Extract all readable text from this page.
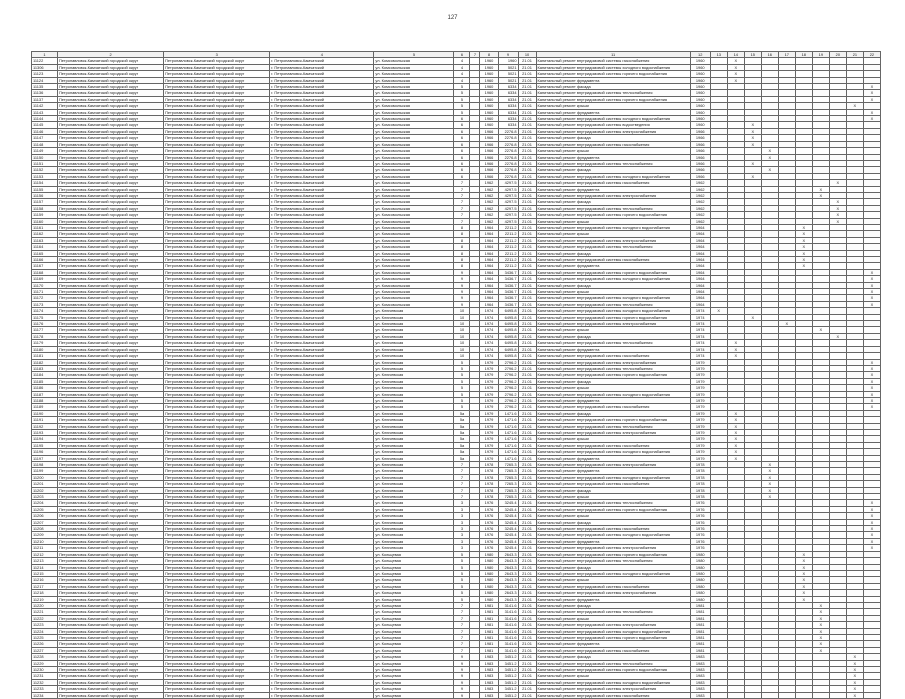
127
1	2	3	4	5	6	7	8	9	10	11	12	13	14	15	16	17	18	19	20	21	22
11122	Петропавловск-Камчатский городской округ	Петропавловск-Камчатский городской округ	г. Петропавловск-Камчатский	ул. Комсомольская	4		1960	1960	21.01	Капитальный ремонт внутридомовой системы газоснабжения	1960		Х								
11306	Петропавловск-Камчатский городской округ	Петропавловск-Камчатский городской округ	г. Петропавловск-Камчатский	ул. Комсомольская	4		1960	5021	21.01	Капитальный ремонт внутридомовой системы холодного водоснабжения	1960		Х								
11123	Петропавловск-Камчатский городской округ	Петропавловск-Камчатский городской округ	г. Петропавловск-Камчатский	ул. Комсомольская	4		1960	5021	21.01	Капитальный ремонт внутридомовой системы горячего водоснабжения	1960		Х								
11124	Петропавловск-Камчатский городской округ	Петропавловск-Камчатский городской округ	г. Петропавловск-Камчатский	ул. Комсомольская	4		1960	5021	21.01	Капитальный ремонт фундамента	1960		Х								
11135	Петропавловск-Камчатский городской округ	Петропавловск-Камчатский городской округ	г. Петропавловск-Камчатский	ул. Комсомольская	5		1960	6334	21.01	Капитальный ремонт фасада	1960										Х
11136	Петропавловск-Камчатский городской округ	Петропавловск-Камчатский городской округ	г. Петропавловск-Камчатский	ул. Комсомольская	5		1960	6334	21.01	Капитальный ремонт внутридомовой системы теплоснабжения	1960										Х
11137	Петропавловск-Камчатский городской округ	Петропавловск-Камчатский городской округ	г. Петропавловск-Камчатский	ул. Комсомольская	5		1960	6334	21.01	Капитальный ремонт внутридомовой системы горячего водоснабжения	1960										Х
11142	Петропавловск-Камчатский городской округ	Петропавловск-Камчатский городской округ	г. Петропавловск-Камчатский	ул. Комсомольская	5		1960	6334	21.01	Капитальный ремонт крыши	1960									Х	
11143	Петропавловск-Камчатский городской округ	Петропавловск-Камчатский городской округ	г. Петропавловск-Камчатский	ул. Комсомольская	5		1960	6334	21.01	Капитальный ремонт фундамента	1960										Х
11144	Петропавловск-Камчатский городской округ	Петропавловск-Камчатский городской округ	г. Петропавловск-Камчатский	ул. Комсомольская	6		1960	6334	21.01	Капитальный ремонт внутридомовой системы холодного водоснабжения	1960										Х
11145	Петропавловск-Камчатский городской округ	Петропавловск-Камчатский городской округ	г. Петропавловск-Камчатский	ул. Комсомольская	6		1960	6334	21.01	Капитальный ремонт внутридомовой системы водоотведения	1960			Х							
11146	Петропавловск-Камчатский городской округ	Петропавловск-Камчатский городской округ	г. Петропавловск-Камчатский	ул. Комсомольская	6		1966	2276.8	21.01	Капитальный ремонт внутридомовой системы электроснабжения	1966			Х							
11147	Петропавловск-Камчатский городской округ	Петропавловск-Камчатский городской округ	г. Петропавловск-Камчатский	ул. Комсомольская	6		1966	2276.8	21.01	Капитальный ремонт фасада	1966			Х							
11148	Петропавловск-Камчатский городской округ	Петропавловск-Камчатский городской округ	г. Петропавловск-Камчатский	ул. Комсомольская	6		1966	2276.8	21.01	Капитальный ремонт внутридомовой системы газоснабжения	1966			Х							
11149	Петропавловск-Камчатский городской округ	Петропавловск-Камчатский городской округ	г. Петропавловск-Камчатский	ул. Комсомольская	6		1966	2276.8	21.01	Капитальный ремонт крыши	1966				Х						
11150	Петропавловск-Камчатский городской округ	Петропавловск-Камчатский городской округ	г. Петропавловск-Камчатский	ул. Комсомольская	6		1966	2276.8	21.01	Капитальный ремонт фундамента	1966				Х						
11151	Петропавловск-Камчатский городской округ	Петропавловск-Камчатский городской округ	г. Петропавловск-Камчатский	ул. Комсомольская	6		1966	2276.8	21.01	Капитальный ремонт внутридомовой системы теплоснабжения	1966			Х							
11152	Петропавловск-Камчатский городской округ	Петропавловск-Камчатский городской округ	г. Петропавловск-Камчатский	ул. Комсомольская	6		1966	2276.8	21.01	Капитальный ремонт фасада	1966				Х						
11153	Петропавловск-Камчатский городской округ	Петропавловск-Камчатский городской округ	г. Петропавловск-Камчатский	ул. Комсомольская	6		1966	2276.8	21.01	Капитальный ремонт внутридомовой системы холодного водоснабжения	1966			Х							
11154	Петропавловск-Камчатский городской округ	Петропавловск-Камчатский городской округ	г. Петропавловск-Камчатский	ул. Комсомольская	7		1962	4297.5	21.01	Капитальный ремонт внутридомовой системы газоснабжения	1962								Х		
11155	Петропавловск-Камчатский городской округ	Петропавловск-Камчатский городской округ	г. Петропавловск-Камчатский	ул. Комсомольская	7		1962	4297.5	21.01	Капитальный ремонт фундамента	1962							Х			
11156	Петропавловск-Камчатский городской округ	Петропавловск-Камчатский городской округ	г. Петропавловск-Камчатский	ул. Комсомольская	7		1962	4297.5	21.01	Капитальный ремонт внутридомовой системы электроснабжения	1962							Х			
11157	Петропавловск-Камчатский городской округ	Петропавловск-Камчатский городской округ	г. Петропавловск-Камчатский	ул. Комсомольская	7		1962	4297.5	21.01	Капитальный ремонт фасада	1962								Х		
11158	Петропавловск-Камчатский городской округ	Петропавловск-Камчатский городской округ	г. Петропавловск-Камчатский	ул. Комсомольская	7		1962	4297.5	21.01	Капитальный ремонт внутридомовой системы теплоснабжения	1962								Х		
11159	Петропавловск-Камчатский городской округ	Петропавловск-Камчатский городской округ	г. Петропавловск-Камчатский	ул. Комсомольская	7		1962	4297.5	21.01	Капитальный ремонт внутридомовой системы горячего водоснабжения	1962								Х		
11160	Петропавловск-Камчатский городской округ	Петропавловск-Камчатский городской округ	г. Петропавловск-Камчатский	ул. Комсомольская	7		1962	4297.5	21.01	Капитальный ремонт крыши	1962								Х		
11161	Петропавловск-Камчатский городской округ	Петропавловск-Камчатский городской округ	г. Петропавловск-Камчатский	ул. Комсомольская	8		1964	2211.2	21.01	Капитальный ремонт внутридомовой системы холодного водоснабжения	1964						Х				
11162	Петропавловск-Камчатский городской округ	Петропавловск-Камчатский городской округ	г. Петропавловск-Камчатский	ул. Комсомольская	8		1964	2211.2	21.01	Капитальный ремонт крыши	1964						Х				
11163	Петропавловск-Камчатский городской округ	Петропавловск-Камчатский городской округ	г. Петропавловск-Камчатский	ул. Комсомольская	8		1964	2211.2	21.01	Капитальный ремонт внутридомовой системы электроснабжения	1964						Х				
11164	Петропавловск-Камчатский городской округ	Петропавловск-Камчатский городской округ	г. Петропавловск-Камчатский	ул. Комсомольская	8		1964	2211.2	21.01	Капитальный ремонт внутридомовой системы теплоснабжения	1964						Х				
11165	Петропавловск-Камчатский городской округ	Петропавловск-Камчатский городской округ	г. Петропавловск-Камчатский	ул. Комсомольская	8		1964	2211.2	21.01	Капитальный ремонт фасада	1964						Х				
11166	Петропавловск-Камчатский городской округ	Петропавловск-Камчатский городской округ	г. Петропавловск-Камчатский	ул. Комсомольская	8		1964	2211.2	21.01	Капитальный ремонт внутридомовой системы газоснабжения	1964						Х				
11167	Петропавловск-Камчатский городской округ	Петропавловск-Камчатский городской округ	г. Петропавловск-Камчатский	ул. Комсомольская	8		1964	2211.2	21.01	Капитальный ремонт фундамента	1964						Х				
11168	Петропавловск-Камчатский городской округ	Петропавловск-Камчатский городской округ	г. Петропавловск-Камчатский	ул. Комсомольская	9		1964	3436.7	21.01	Капитальный ремонт внутридомовой системы горячего водоснабжения	1964										Х
11169	Петропавловск-Камчатский городской округ	Петропавловск-Камчатский городской округ	г. Петропавловск-Камчатский	ул. Комсомольская	9		1964	3436.7	21.01	Капитальный ремонт внутридомовой системы холодного водоснабжения	1964										Х
11170	Петропавловск-Камчатский городской округ	Петропавловск-Камчатский городской округ	г. Петропавловск-Камчатский	ул. Комсомольская	9		1964	3436.7	21.01	Капитальный ремонт фасада	1964										Х
11171	Петропавловск-Камчатский городской округ	Петропавловск-Камчатский городской округ	г. Петропавловск-Камчатский	ул. Комсомольская	9		1964	3436.7	21.01	Капитальный ремонт крыши	1964										Х
11172	Петропавловск-Камчатский городской округ	Петропавловск-Камчатский городской округ	г. Петропавловск-Камчатский	ул. Комсомольская	9		1964	3436.7	21.01	Капитальный ремонт внутридомовой системы холодного водоснабжения	1964										Х
11173	Петропавловск-Камчатский городской округ	Петропавловск-Камчатский городской округ	г. Петропавловск-Камчатский	ул. Комсомольская	9		1964	3436.7	21.01	Капитальный ремонт внутридомовой системы теплоснабжения	1964										Х
11174	Петропавловск-Камчатский городской округ	Петропавловск-Камчатский городской округ	г. Петропавловск-Камчатский	ул. Ключевская	10		1974	6495.8	21.01	Капитальный ремонт внутридомовой системы холодного водоснабжения	1974	Х									
11175	Петропавловск-Камчатский городской округ	Петропавловск-Камчатский городской округ	г. Петропавловск-Камчатский	ул. Ключевская	10		1974	6495.8	21.01	Капитальный ремонт внутридомовой системы горячего водоснабжения	1974			Х							
11176	Петропавловск-Камчатский городской округ	Петропавловск-Камчатский городской округ	г. Петропавловск-Камчатский	ул. Ключевская	10		1974	6495.8	21.01	Капитальный ремонт внутридомовой системы электроснабжения	1974					Х					
11177	Петропавловск-Камчатский городской округ	Петропавловск-Камчатский городской округ	г. Петропавловск-Камчатский	ул. Ключевская	10		1974	6495.8	21.01	Капитальный ремонт крыши	1974							Х			
11178	Петропавловск-Камчатский городской округ	Петропавловск-Камчатский городской округ	г. Петропавловск-Камчатский	ул. Ключевская	10		1974	6495.8	21.01	Капитальный ремонт фасада	1974								Х		
11179	Петропавловск-Камчатский городской округ	Петропавловск-Камчатский городской округ	г. Петропавловск-Камчатский	ул. Ключевская	10		1974	6495.8	21.01	Капитальный ремонт внутридомовой системы теплоснабжения	1974		Х								
11180	Петропавловск-Камчатский городской округ	Петропавловск-Камчатский городской округ	г. Петропавловск-Камчатский	ул. Ключевская	10		1974	6495.8	21.01	Капитальный ремонт фундамента	1974		Х								
11181	Петропавловск-Камчатский городской округ	Петропавловск-Камчатский городской округ	г. Петропавловск-Камчатский	ул. Ключевская	10		1974	6495.8	21.01	Капитальный ремонт внутридомовой системы газоснабжения	1974		Х								
11182	Петропавловск-Камчатский городской округ	Петропавловск-Камчатский городской округ	г. Петропавловск-Камчатский	ул. Ключевская	5		1979	2796.2	21.01	Капитальный ремонт внутридомовой системы электроснабжения	1979										Х
11183	Петропавловск-Камчатский городской округ	Петропавловск-Камчатский городской округ	г. Петропавловск-Камчатский	ул. Ключевская	5		1979	2796.2	21.01	Капитальный ремонт внутридомовой системы теплоснабжения	1979										Х
11184	Петропавловск-Камчатский городской округ	Петропавловск-Камчатский городской округ	г. Петропавловск-Камчатский	ул. Ключевская	5		1979	2796.2	21.01	Капитальный ремонт внутридомовой системы горячего водоснабжения	1979										Х
11185	Петропавловск-Камчатский городской округ	Петропавловск-Камчатский городской округ	г. Петропавловск-Камчатский	ул. Ключевская	5		1979	2796.2	21.01	Капитальный ремонт фасада	1979										Х
11186	Петропавловск-Камчатский городской округ	Петропавловск-Камчатский городской округ	г. Петропавловск-Камчатский	ул. Ключевская	5		1979	2796.2	21.01	Капитальный ремонт крыши	1979										Х
11187	Петропавловск-Камчатский городской округ	Петропавловск-Камчатский городской округ	г. Петропавловск-Камчатский	ул. Ключевская	5		1979	2796.2	21.01	Капитальный ремонт внутридомовой системы холодного водоснабжения	1979										Х
11188	Петропавловск-Камчатский городской округ	Петропавловск-Камчатский городской округ	г. Петропавловск-Камчатский	ул. Ключевская	5		1979	2796.2	21.01	Капитальный ремонт фундамента	1979										Х
11189	Петропавловск-Камчатский городской округ	Петропавловск-Камчатский городской округ	г. Петропавловск-Камчатский	ул. Ключевская	5		1979	2796.2	21.01	Капитальный ремонт внутридомовой системы газоснабжения	1979										Х
11190	Петропавловск-Камчатский городской округ	Петропавловск-Камчатский городской округ	г. Петропавловск-Камчатский	ул. Ключевская	5а		1979	1471.6	21.01	Капитальный ремонт фасада	1979		Х								
11191	Петропавловск-Камчатский городской округ	Петропавловск-Камчатский городской округ	г. Петропавловск-Камчатский	ул. Ключевская	5а		1979	1471.6	21.01	Капитальный ремонт внутридомовой системы горячего водоснабжения	1979		Х								
11192	Петропавловск-Камчатский городской округ	Петропавловск-Камчатский городской округ	г. Петропавловск-Камчатский	ул. Ключевская	5а		1979	1471.6	21.01	Капитальный ремонт внутридомовой системы теплоснабжения	1979		Х								
11193	Петропавловск-Камчатский городской округ	Петропавловск-Камчатский городской округ	г. Петропавловск-Камчатский	ул. Ключевская	5а		1979	1471.6	21.01	Капитальный ремонт внутридомовой системы электроснабжения	1979		Х								
11194	Петропавловск-Камчатский городской округ	Петропавловск-Камчатский городской округ	г. Петропавловск-Камчатский	ул. Ключевская	5а		1979	1471.6	21.01	Капитальный ремонт крыши	1979		Х								
11195	Петропавловск-Камчатский городской округ	Петропавловск-Камчатский городской округ	г. Петропавловск-Камчатский	ул. Ключевская	5а		1979	1471.6	21.01	Капитальный ремонт внутридомовой системы газоснабжения	1979		Х								
11196	Петропавловск-Камчатский городской округ	Петропавловск-Камчатский городской округ	г. Петропавловск-Камчатский	ул. Ключевская	5а		1979	1471.6	21.01	Капитальный ремонт внутридомовой системы холодного водоснабжения	1979		Х								
11197	Петропавловск-Камчатский городской округ	Петропавловск-Камчатский городской округ	г. Петропавловск-Камчатский	ул. Ключевская	5а		1979	1471.6	21.01	Капитальный ремонт фундамента	1979		Х								
11198	Петропавловск-Камчатский городской округ	Петропавловск-Камчатский городской округ	г. Петропавловск-Камчатский	ул. Ключевская	7		1978	7265.3	21.01	Капитальный ремонт внутридомовой системы электроснабжения	1978				Х						
11199	Петропавловск-Камчатский городской округ	Петропавловск-Камчатский городской округ	г. Петропавловск-Камчатский	ул. Ключевская	7		1978	7265.3	21.01	Капитальный ремонт фундамента	1978				Х						
11200	Петропавловск-Камчатский городской округ	Петропавловск-Камчатский городской округ	г. Петропавловск-Камчатский	ул. Ключевская	7		1978	7265.3	21.01	Капитальный ремонт внутридомовой системы холодного водоснабжения	1978				Х						
11201	Петропавловск-Камчатский городской округ	Петропавловск-Камчатский городской округ	г. Петропавловск-Камчатский	ул. Ключевская	7		1978	7265.3	21.01	Капитальный ремонт внутридомовой системы газоснабжения	1978				Х						
11202	Петропавловск-Камчатский городской округ	Петропавловск-Камчатский городской округ	г. Петропавловск-Камчатский	ул. Ключевская	7		1978	7265.3	21.01	Капитальный ремонт фасада	1978				Х						
11203	Петропавловск-Камчатский городской округ	Петропавловск-Камчатский городской округ	г. Петропавловск-Камчатский	ул. Ключевская	7		1978	7265.3	21.01	Капитальный ремонт крыши	1978				Х						
11204	Петропавловск-Камчатский городской округ	Петропавловск-Камчатский городской округ	г. Петропавловск-Камчатский	ул. Ключевская	3		1976	3245.4	21.01	Капитальный ремонт внутридомовой системы теплоснабжения	1976										Х
11205	Петропавловск-Камчатский городской округ	Петропавловск-Камчатский городской округ	г. Петропавловск-Камчатский	ул. Ключевская	3		1976	3245.4	21.01	Капитальный ремонт внутридомовой системы горячего водоснабжения	1976										Х
11206	Петропавловск-Камчатский городской округ	Петропавловск-Камчатский городской округ	г. Петропавловск-Камчатский	ул. Ключевская	3		1976	3245.4	21.01	Капитальный ремонт крыши	1976										Х
11207	Петропавловск-Камчатский городской округ	Петропавловск-Камчатский городской округ	г. Петропавловск-Камчатский	ул. Ключевская	3		1976	3245.4	21.01	Капитальный ремонт фасада	1976										Х
11208	Петропавловск-Камчатский городской округ	Петропавловск-Камчатский городской округ	г. Петропавловск-Камчатский	ул. Ключевская	3		1976	3245.4	21.01	Капитальный ремонт внутридомовой системы газоснабжения	1976										Х
11209	Петропавловск-Камчатский городской округ	Петропавловск-Камчатский городской округ	г. Петропавловск-Камчатский	ул. Ключевская	3		1976	3245.4	21.01	Капитальный ремонт внутридомовой системы холодного водоснабжения	1976										Х
11210	Петропавловск-Камчатский городской округ	Петропавловск-Камчатский городской округ	г. Петропавловск-Камчатский	ул. Ключевская	3		1976	3245.4	21.01	Капитальный ремонт фундамента	1976										Х
11211	Петропавловск-Камчатский городской округ	Петропавловск-Камчатский городской округ	г. Петропавловск-Камчатский	ул. Ключевская	3		1976	3245.4	21.01	Капитальный ремонт внутридомовой системы электроснабжения	1976										Х
11212	Петропавловск-Камчатский городской округ	Петропавловск-Камчатский городской округ	г. Петропавловск-Камчатский	ул. Кольцевая	5		1980	2643.3	21.01	Капитальный ремонт внутридомовой системы горячего водоснабжения	1980						Х				
11213	Петропавловск-Камчатский городской округ	Петропавловск-Камчатский городской округ	г. Петропавловск-Камчатский	ул. Кольцевая	5		1980	2643.3	21.01	Капитальный ремонт внутридомовой системы теплоснабжения	1980						Х				
11214	Петропавловск-Камчатский городской округ	Петропавловск-Камчатский городской округ	г. Петропавловск-Камчатский	ул. Кольцевая	5		1980	2643.3	21.01	Капитальный ремонт фасада	1980						Х				
11215	Петропавловск-Камчатский городской округ	Петропавловск-Камчатский городской округ	г. Петропавловск-Камчатский	ул. Кольцевая	5		1980	2643.3	21.01	Капитальный ремонт внутридомовой системы холодного водоснабжения	1980						Х				
11216	Петропавловск-Камчатский городской округ	Петропавловск-Камчатский городской округ	г. Петропавловск-Камчатский	ул. Кольцевая	5		1980	2643.3	21.01	Капитальный ремонт крыши	1980						Х				
11217	Петропавловск-Камчатский городской округ	Петропавловск-Камчатский городской округ	г. Петропавловск-Камчатский	ул. Кольцевая	5		1980	2643.3	21.01	Капитальный ремонт внутридомовой системы газоснабжения	1980						Х				
11218	Петропавловск-Камчатский городской округ	Петропавловск-Камчатский городской округ	г. Петропавловск-Камчатский	ул. Кольцевая	5		1980	2643.3	21.01	Капитальный ремонт внутридомовой системы электроснабжения	1980						Х				
11219	Петропавловск-Камчатский городской округ	Петропавловск-Камчатский городской округ	г. Петропавловск-Камчатский	ул. Кольцевая	5		1980	2643.3	21.01	Капитальный ремонт фундамента	1980						Х				
11220	Петропавловск-Камчатский городской округ	Петропавловск-Камчатский городской округ	г. Петропавловск-Камчатский	ул. Кольцевая	7		1981	3141.6	21.01	Капитальный ремонт фасада	1981							Х			
11221	Петропавловск-Камчатский городской округ	Петропавловск-Камчатский городской округ	г. Петропавловск-Камчатский	ул. Кольцевая	7		1981	3141.6	21.01	Капитальный ремонт внутридомовой системы теплоснабжения	1981							Х			
11222	Петропавловск-Камчатский городской округ	Петропавловск-Камчатский городской округ	г. Петропавловск-Камчатский	ул. Кольцевая	7		1981	3141.6	21.01	Капитальный ремонт крыши	1981							Х			
11223	Петропавловск-Камчатский городской округ	Петропавловск-Камчатский городской округ	г. Петропавловск-Камчатский	ул. Кольцевая	7		1981	3141.6	21.01	Капитальный ремонт внутридомовой системы электроснабжения	1981							Х			
11224	Петропавловск-Камчатский городской округ	Петропавловск-Камчатский городской округ	г. Петропавловск-Камчатский	ул. Кольцевая	7		1981	3141.6	21.01	Капитальный ремонт внутридомовой системы холодного водоснабжения	1981							Х			
11225	Петропавловск-Камчатский городской округ	Петропавловск-Камчатский городской округ	г. Петропавловск-Камчатский	ул. Кольцевая	7		1981	3141.6	21.01	Капитальный ремонт внутридомовой системы горячего водоснабжения	1981							Х			
11226	Петропавловск-Камчатский городской округ	Петропавловск-Камчатский городской округ	г. Петропавловск-Камчатский	ул. Кольцевая	7		1981	3141.6	21.01	Капитальный ремонт фундамента	1981							Х			
11227	Петропавловск-Камчатский городской округ	Петропавловск-Камчатский городской округ	г. Петропавловск-Камчатский	ул. Кольцевая	7		1981	3141.6	21.01	Капитальный ремонт внутридомовой системы газоснабжения	1981							Х			
11228	Петропавловск-Камчатский городской округ	Петропавловск-Камчатский городской округ	г. Петропавловск-Камчатский	ул. Кольцевая	9		1983	3451.2	21.01	Капитальный ремонт фасада	1983									Х	
11229	Петропавловск-Камчатский городской округ	Петропавловск-Камчатский городской округ	г. Петропавловск-Камчатский	ул. Кольцевая	9		1983	3451.2	21.01	Капитальный ремонт внутридомовой системы теплоснабжения	1983									Х	
11230	Петропавловск-Камчатский городской округ	Петропавловск-Камчатский городской округ	г. Петропавловск-Камчатский	ул. Кольцевая	9		1983	3451.2	21.01	Капитальный ремонт внутридомовой системы горячего водоснабжения	1983									Х	
11231	Петропавловск-Камчатский городской округ	Петропавловск-Камчатский городской округ	г. Петропавловск-Камчатский	ул. Кольцевая	9		1983	3451.2	21.01	Капитальный ремонт крыши	1983									Х	
11232	Петропавловск-Камчатский городской округ	Петропавловск-Камчатский городской округ	г. Петропавловск-Камчатский	ул. Кольцевая	9		1983	3451.2	21.01	Капитальный ремонт внутридомовой системы холодного водоснабжения	1983									Х	
11233	Петропавловск-Камчатский городской округ	Петропавловск-Камчатский городской округ	г. Петропавловск-Камчатский	ул. Кольцевая	9		1983	3451.2	21.01	Капитальный ремонт внутридомовой системы электроснабжения	1983									Х	
11234	Петропавловск-Камчатский городской округ	Петропавловск-Камчатский городской округ	г. Петропавловск-Камчатский	ул. Кольцевая	9		1983	3451.2	21.01	Капитальный ремонт внутридомовой системы газоснабжения	1983									Х	
